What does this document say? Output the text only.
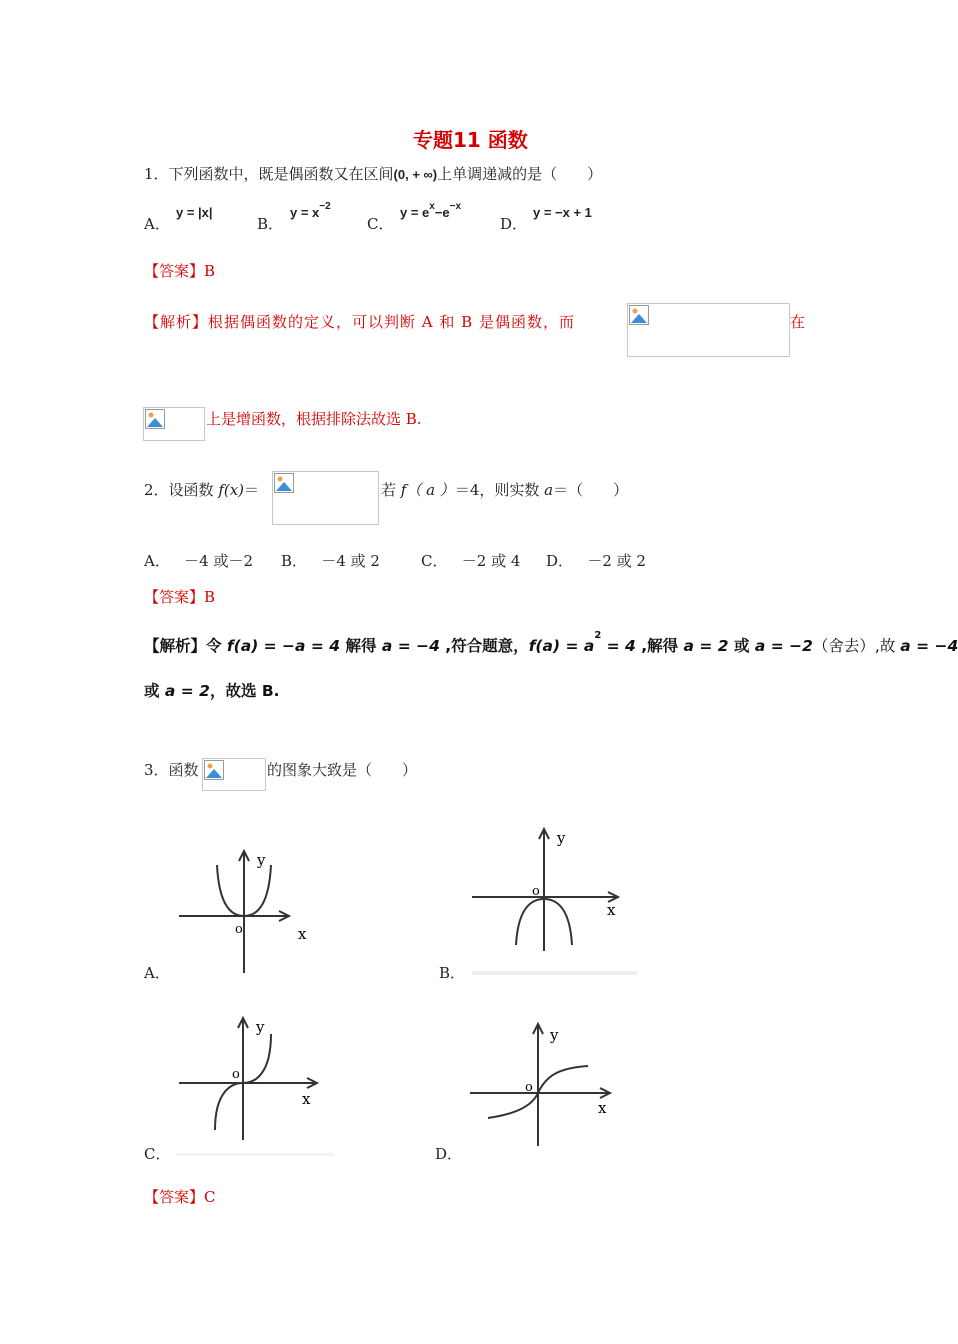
专题11 函数
1．下列函数中，既是偶函数又在区间(0, + ∞)上单调递减的是（　　）
A．
y = |x|
B．
$y = x^{-2}$
C．
$y = e^x-e^{-x}$
D．
y = −x + 1
【答案】B
【解析】根据偶函数的定义，可以判断 A 和 B 是偶函数，而	在
上是增函数，根据排除法故选 B.
2．设函数 f(x)＝	若 f（ a ）＝4，则实数 a＝（　　）
A． －4 或－2 B． －4 或 2	C． －2 或 4 D． －2 或 2
【答案】B
【解析】令 f(a) = −a = 4 解得 a = −4 ,符合题意，$f(a) = a^2 = 4$ ,解得 a = 2 或 a = −2（舍去）,故 a = −4
或 a = 2，故选 B.
3．函数	的图象大致是（　　）
y
x
o
A．
y
x
o
B．
y
x
o
C．
y
x
o
D．
【答案】C
